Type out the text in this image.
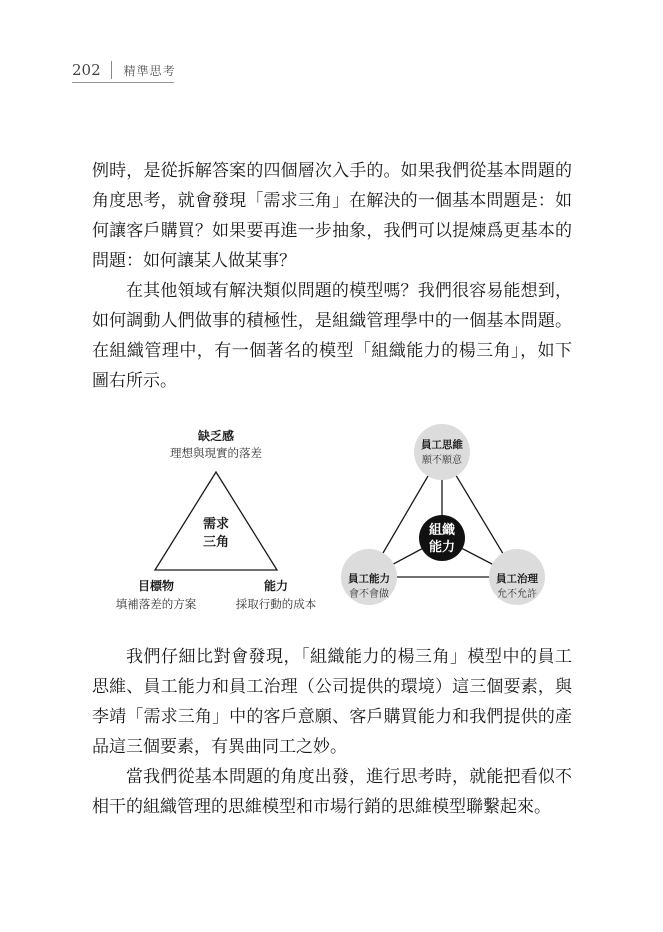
202 精準思考

例時，是從拆解答案的四個層次入手的。如果我們從基本問題的角度思考，就會發現「需求三角」在解決的一個基本問題是：如何讓客戶購買？如果要再進一步抽象，我們可以提煉爲更基本的問題：如何讓某人做某事？

在其他領域有解決類似問題的模型嗎？我們很容易能想到，如何調動人們做事的積極性，是組織管理學中的一個基本問題。在組織管理中，有一個著名的模型「組織能力的楊三角」，如下圖右所示。

缺乏感
理想與現實的落差
需求
三角
目標物
填補落差的方案
能力
採取行動的成本
員工思維
願不願意
員工能力
會不會做
員工治理
允不允許
組織
能力

我們仔細比對會發現，「組織能力的楊三角」模型中的員工思維、員工能力和員工治理（公司提供的環境）這三個要素，與李靖「需求三角」中的客戶意願、客戶購買能力和我們提供的產品這三個要素，有異曲同工之妙。

當我們從基本問題的角度出發，進行思考時，就能把看似不相干的組織管理的思維模型和市場行銷的思維模型聯繫起來。
